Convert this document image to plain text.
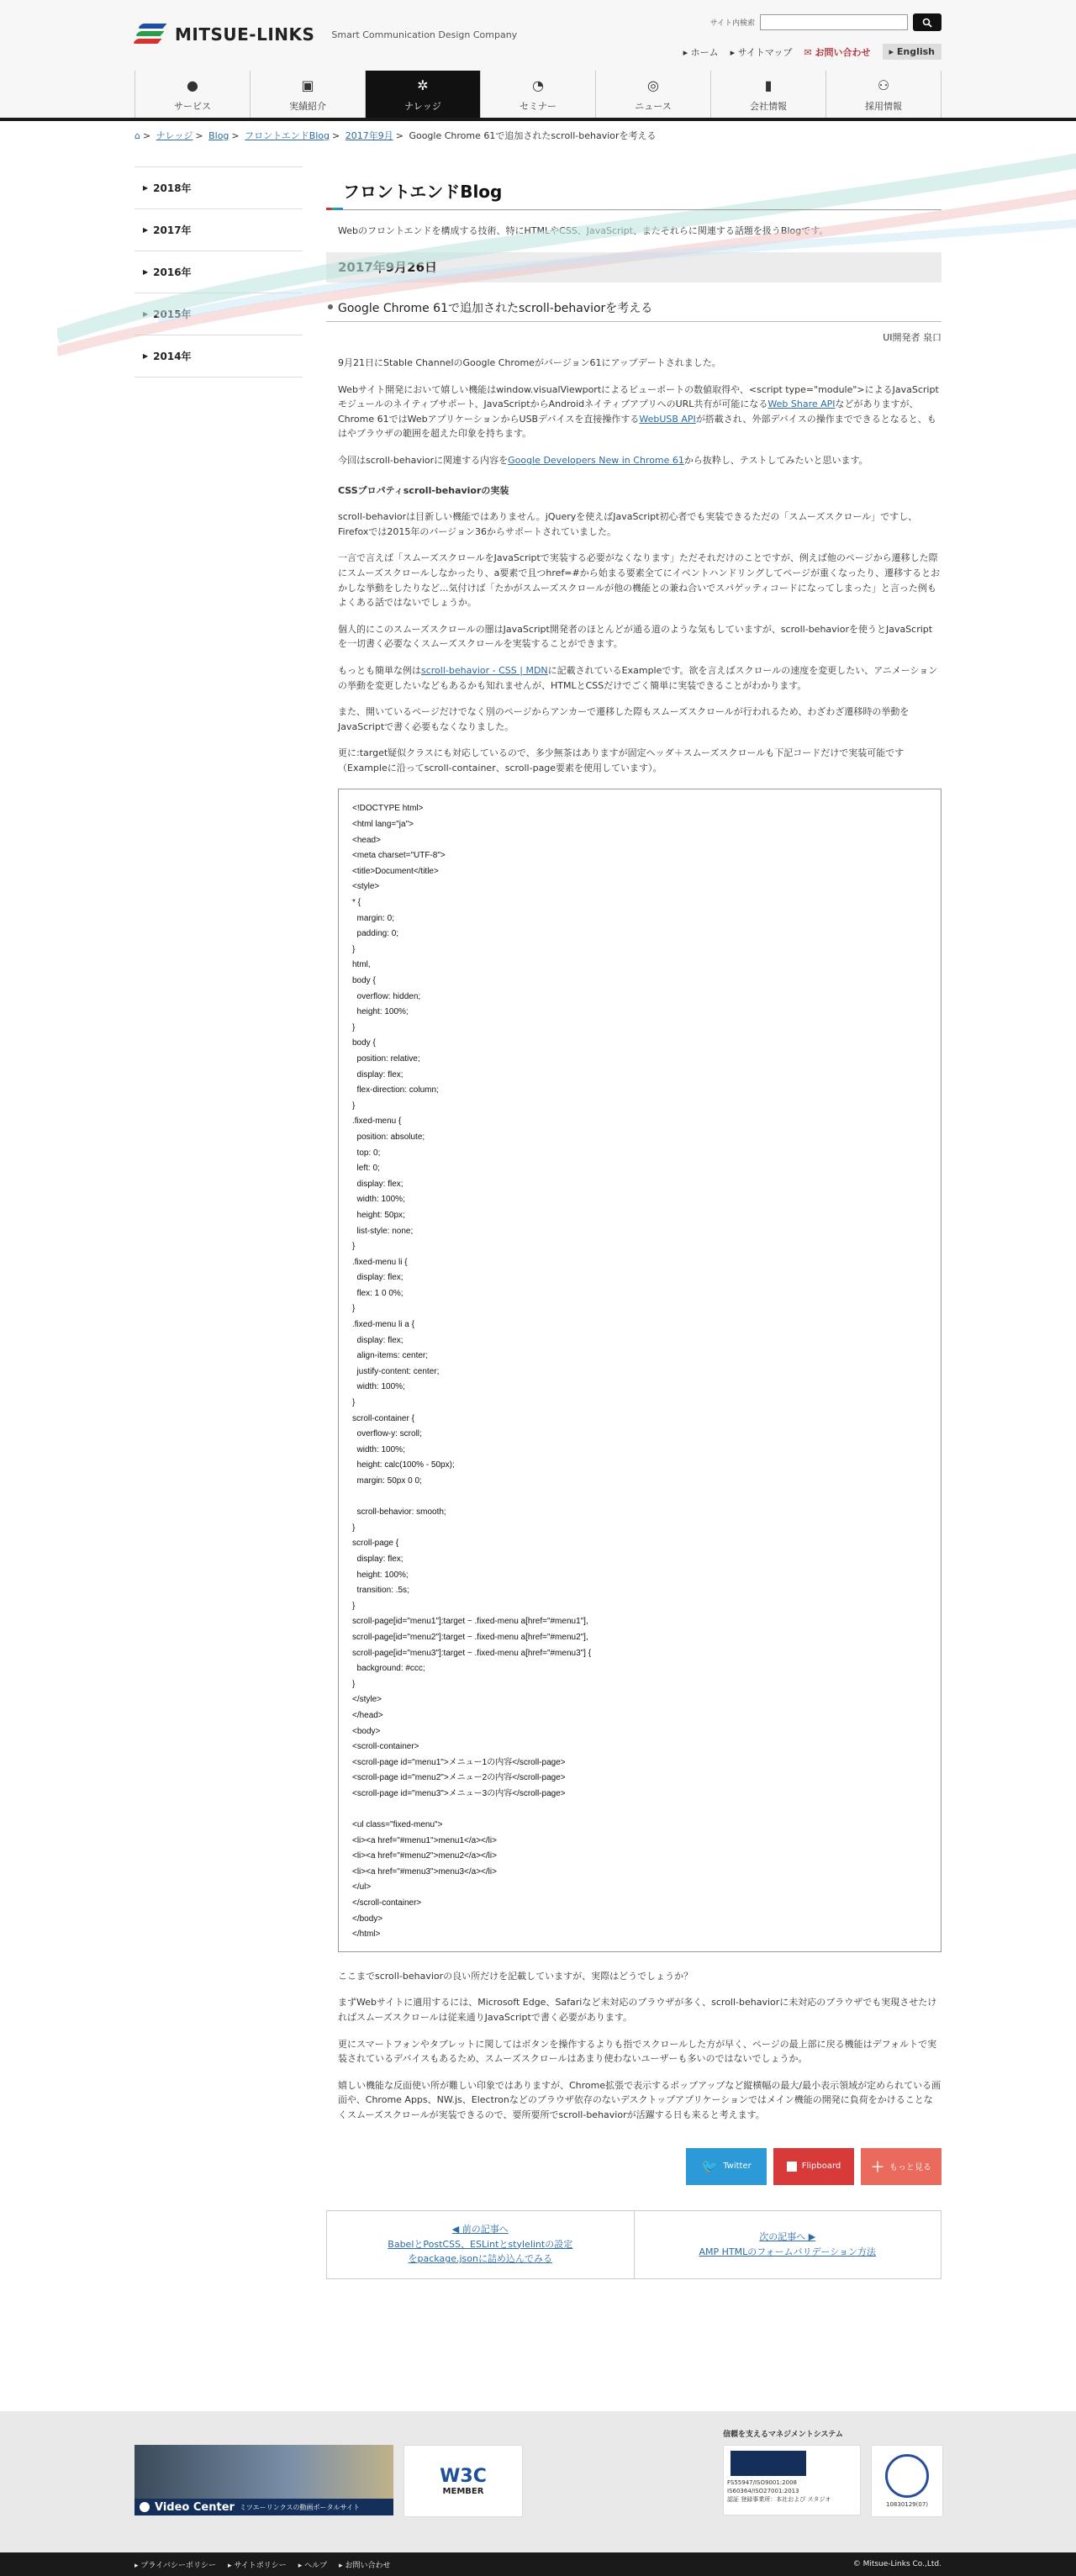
MITSUE-LINKS Smart Communication Design Company
サイト内検索
▸ ホーム ▸ サイトマップ ✉ お問い合わせ	▸ English
●
サービス
▣
実績紹介
✲
ナレッジ
◔
セミナー
◎
ニュース
▮
会社情報
⚇
採用情報
⌂ > ナレッジ > Blog > フロントエンドBlog > 2017年9月 > Google Chrome 61で追加されたscroll-behaviorを考える
▶ 2018年
▶ 2017年
▶ 2016年
▶ 2015年
▶ 2014年
フロントエンドBlog
Webのフロントエンドを構成する技術、特にHTMLやCSS、JavaScript、またそれらに関連する話題を扱うBlogです。
2017年9月26日
Google Chrome 61で追加されたscroll-behaviorを考える
UI開発者 泉口

9月21日にStable ChannelのGoogle Chromeがバージョン61にアップデートされました。

Webサイト開発において嬉しい機能はwindow.visualViewportによるビューポートの数値取得や、<script type="module">によるJavaScriptモジュールのネイティブサポート、JavaScriptからAndroidネイティブアプリへのURL共有が可能になるWeb Share APIなどがありますが、Chrome 61ではWebアプリケーションからUSBデバイスを直接操作するWebUSB APIが搭載され、外部デバイスの操作までできるとなると、もはやブラウザの範囲を超えた印象を持ちます。

今回はscroll-behaviorに関連する内容をGoogle Developers New in Chrome 61から抜粋し、テストしてみたいと思います。

CSSプロパティscroll-behaviorの実装

scroll-behaviorは目新しい機能ではありません。jQueryを使えばJavaScript初心者でも実装できるただの「スムーズスクロール」ですし、Firefoxでは2015年のバージョン36からサポートされていました。

一言で言えば「スムーズスクロールをJavaScriptで実装する必要がなくなります」ただそれだけのことですが、例えば他のページから遷移した際にスムーズスクロールしなかったり、a要素で且つhref=#から始まる要素全てにイベントハンドリングしてページが重くなったり、遷移するとおかしな挙動をしたりなど...気付けば「たかがスムーズスクロールが他の機能との兼ね合いでスパゲッティコードになってしまった」と言った例もよくある話ではないでしょうか。

個人的にこのスムーズスクロールの闇はJavaScript開発者のほとんどが通る道のような気もしていますが、scroll-behaviorを使うとJavaScriptを一切書く必要なくスムーズスクロールを実装することができます。

もっとも簡単な例はscroll-behavior - CSS | MDNに記載されているExampleです。欲を言えばスクロールの速度を変更したい、アニメーションの挙動を変更したいなどもあるかも知れませんが、HTMLとCSSだけでごく簡単に実装できることがわかります。

また、開いているページだけでなく別のページからアンカーで遷移した際もスムーズスクロールが行われるため、わざわざ遷移時の挙動をJavaScriptで書く必要もなくなりました。

更に:target疑似クラスにも対応しているので、多少無茶はありますが固定ヘッダ＋スムーズスクロールも下記コードだけで実装可能です（Exampleに沿ってscroll-container、scroll-page要素を使用しています）。

<!DOCTYPE html>
<html lang="ja">
<head>
<meta charset="UTF-8">
<title>Document</title>
<style>
* {
margin: 0;
padding: 0;
}
html,
body {
overflow: hidden;
height: 100%;
}
body {
position: relative;
display: flex;
flex-direction: column;
}
.fixed-menu {
position: absolute;
top: 0;
left: 0;
display: flex;
width: 100%;
height: 50px;
list-style: none;
}
.fixed-menu li {
display: flex;
flex: 1 0 0%;
}
.fixed-menu li a {
display: flex;
align-items: center;
justify-content: center;
width: 100%;
}
scroll-container {
overflow-y: scroll;
width: 100%;
height: calc(100% - 50px);
margin: 50px 0 0;

scroll-behavior: smooth;
}
scroll-page {
display: flex;
height: 100%;
transition: .5s;
}
scroll-page[id="menu1"]:target ~ .fixed-menu a[href="#menu1"],
scroll-page[id="menu2"]:target ~ .fixed-menu a[href="#menu2"],
scroll-page[id="menu3"]:target ~ .fixed-menu a[href="#menu3"] {
background: #ccc;
}
</style>
</head>
<body>
<scroll-container>
<scroll-page id="menu1">メニュー1の内容</scroll-page>
<scroll-page id="menu2">メニュー2の内容</scroll-page>
<scroll-page id="menu3">メニュー3の内容</scroll-page>

<ul class="fixed-menu">
<li><a href="#menu1">menu1</a></li>
<li><a href="#menu2">menu2</a></li>
<li><a href="#menu3">menu3</a></li>
</ul>
</scroll-container>
</body>
</html>

ここまでscroll-behaviorの良い所だけを記載していますが、実際はどうでしょうか？

まずWebサイトに適用するには、Microsoft Edge、Safariなど未対応のブラウザが多く、scroll-behaviorに未対応のブラウザでも実現させたければスムーズスクロールは従来通りJavaScriptで書く必要があります。

更にスマートフォンやタブレットに関してはボタンを操作するよりも指でスクロールした方が早く、ページの最上部に戻る機能はデフォルトで実装されているデバイスもあるため、スムーズスクロールはあまり使わないユーザーも多いのではないでしょうか。

嬉しい機能な反面使い所が難しい印象ではありますが、Chrome拡張で表示するポップアップなど縦横幅の最大/最小表示領域が定められている画面や、Chrome Apps、NW.js、Electronなどのブラウザ依存のないデスクトップアプリケーションではメイン機能の開発に負荷をかけることなくスムーズスクロールが実装できるので、要所要所でscroll-behaviorが活躍する日も来ると考えます。

🐦 Twitter	Flipboard ＋ もっと見る
◀ 前の記事へ
BabelとPostCSS、ESLintとstylelintの設定をpackage.jsonに詰め込んでみる
次の記事へ ▶
AMP HTMLのフォームバリデーション方法
Video Center ミツエーリンクスの動画ポータルサイト
W3C
MEMBER
信頼を支えるマネジメントシステム
FS55947/ISO9001:2008
IS60364/ISO27001:2013
認証 登録事業所：本社および スタジオ
10830129(07)
▸ プライバシーポリシー ▸ サイトポリシー ▸ ヘルプ ▸ お問い合わせ	© Mitsue-Links Co.,Ltd.
